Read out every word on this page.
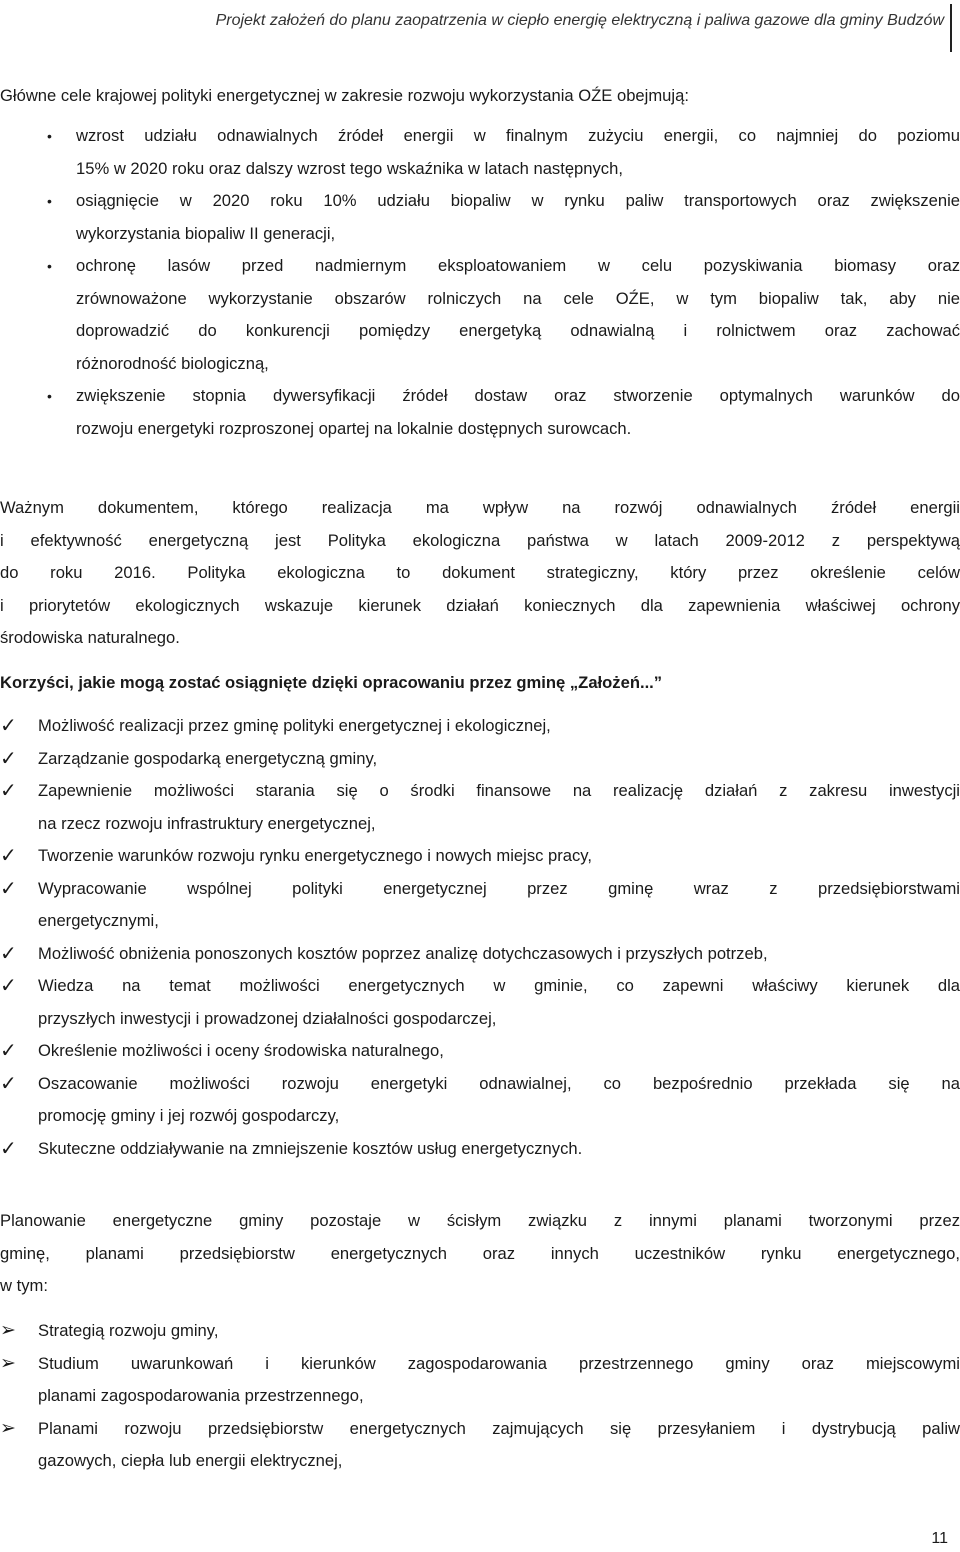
Projekt założeń do planu zaopatrzenia w ciepło energię elektryczną i paliwa gazowe dla gminy Budzów
Główne cele krajowej polityki energetycznej w zakresie rozwoju wykorzystania OŹE obejmują:
• wzrost udziału odnawialnych źródeł energii w finalnym zużyciu energii, co najmniej do poziomu
15% w 2020 roku oraz dalszy wzrost tego wskaźnika w latach następnych,
• osiągnięcie w 2020 roku 10% udziału biopaliw w rynku paliw transportowych oraz zwiększenie
wykorzystania biopaliw II generacji,
• ochronę lasów przed nadmiernym eksploatowaniem w celu pozyskiwania biomasy oraz
zrównoważone wykorzystanie obszarów rolniczych na cele OŹE, w tym biopaliw tak, aby nie
doprowadzić do konkurencji pomiędzy energetyką odnawialną i rolnictwem oraz zachować
różnorodność biologiczną,
• zwiększenie stopnia dywersyfikacji źródeł dostaw oraz stworzenie optymalnych warunków do
rozwoju energetyki rozproszonej opartej na lokalnie dostępnych surowcach.
Ważnym dokumentem, którego realizacja ma wpływ na rozwój odnawialnych źródeł energii
i efektywność energetyczną jest Polityka ekologiczna państwa w latach 2009-2012 z perspektywą
do roku 2016. Polityka ekologiczna to dokument strategiczny, który przez określenie celów
i priorytetów ekologicznych wskazuje kierunek działań koniecznych dla zapewnienia właściwej ochrony
środowiska naturalnego.
Korzyści, jakie mogą zostać osiągnięte dzięki opracowaniu przez gminę „Założeń...”
✓ Możliwość realizacji przez gminę polityki energetycznej i ekologicznej,
✓ Zarządzanie gospodarką energetyczną gminy,
✓ Zapewnienie możliwości starania się o środki finansowe na realizację działań z zakresu inwestycji
na rzecz rozwoju infrastruktury energetycznej,
✓ Tworzenie warunków rozwoju rynku energetycznego i nowych miejsc pracy,
✓ Wypracowanie wspólnej polityki energetycznej przez gminę wraz z przedsiębiorstwami
energetycznymi,
✓ Możliwość obniżenia ponoszonych kosztów poprzez analizę dotychczasowych i przyszłych potrzeb,
✓ Wiedza na temat możliwości energetycznych w gminie, co zapewni właściwy kierunek dla
przyszłych inwestycji i prowadzonej działalności gospodarczej,
✓ Określenie możliwości i oceny środowiska naturalnego,
✓ Oszacowanie możliwości rozwoju energetyki odnawialnej, co bezpośrednio przekłada się na
promocję gminy i jej rozwój gospodarczy,
✓ Skuteczne oddziaływanie na zmniejszenie kosztów usług energetycznych.
Planowanie energetyczne gminy pozostaje w ścisłym związku z innymi planami tworzonymi przez
gminę, planami przedsiębiorstw energetycznych oraz innych uczestników rynku energetycznego,
w tym:
➢ Strategią rozwoju gminy,
➢ Studium uwarunkowań i kierunków zagospodarowania przestrzennego gminy oraz miejscowymi
planami zagospodarowania przestrzennego,
➢ Planami rozwoju przedsiębiorstw energetycznych zajmujących się przesyłaniem i dystrybucją paliw
gazowych, ciepła lub energii elektrycznej,
11
